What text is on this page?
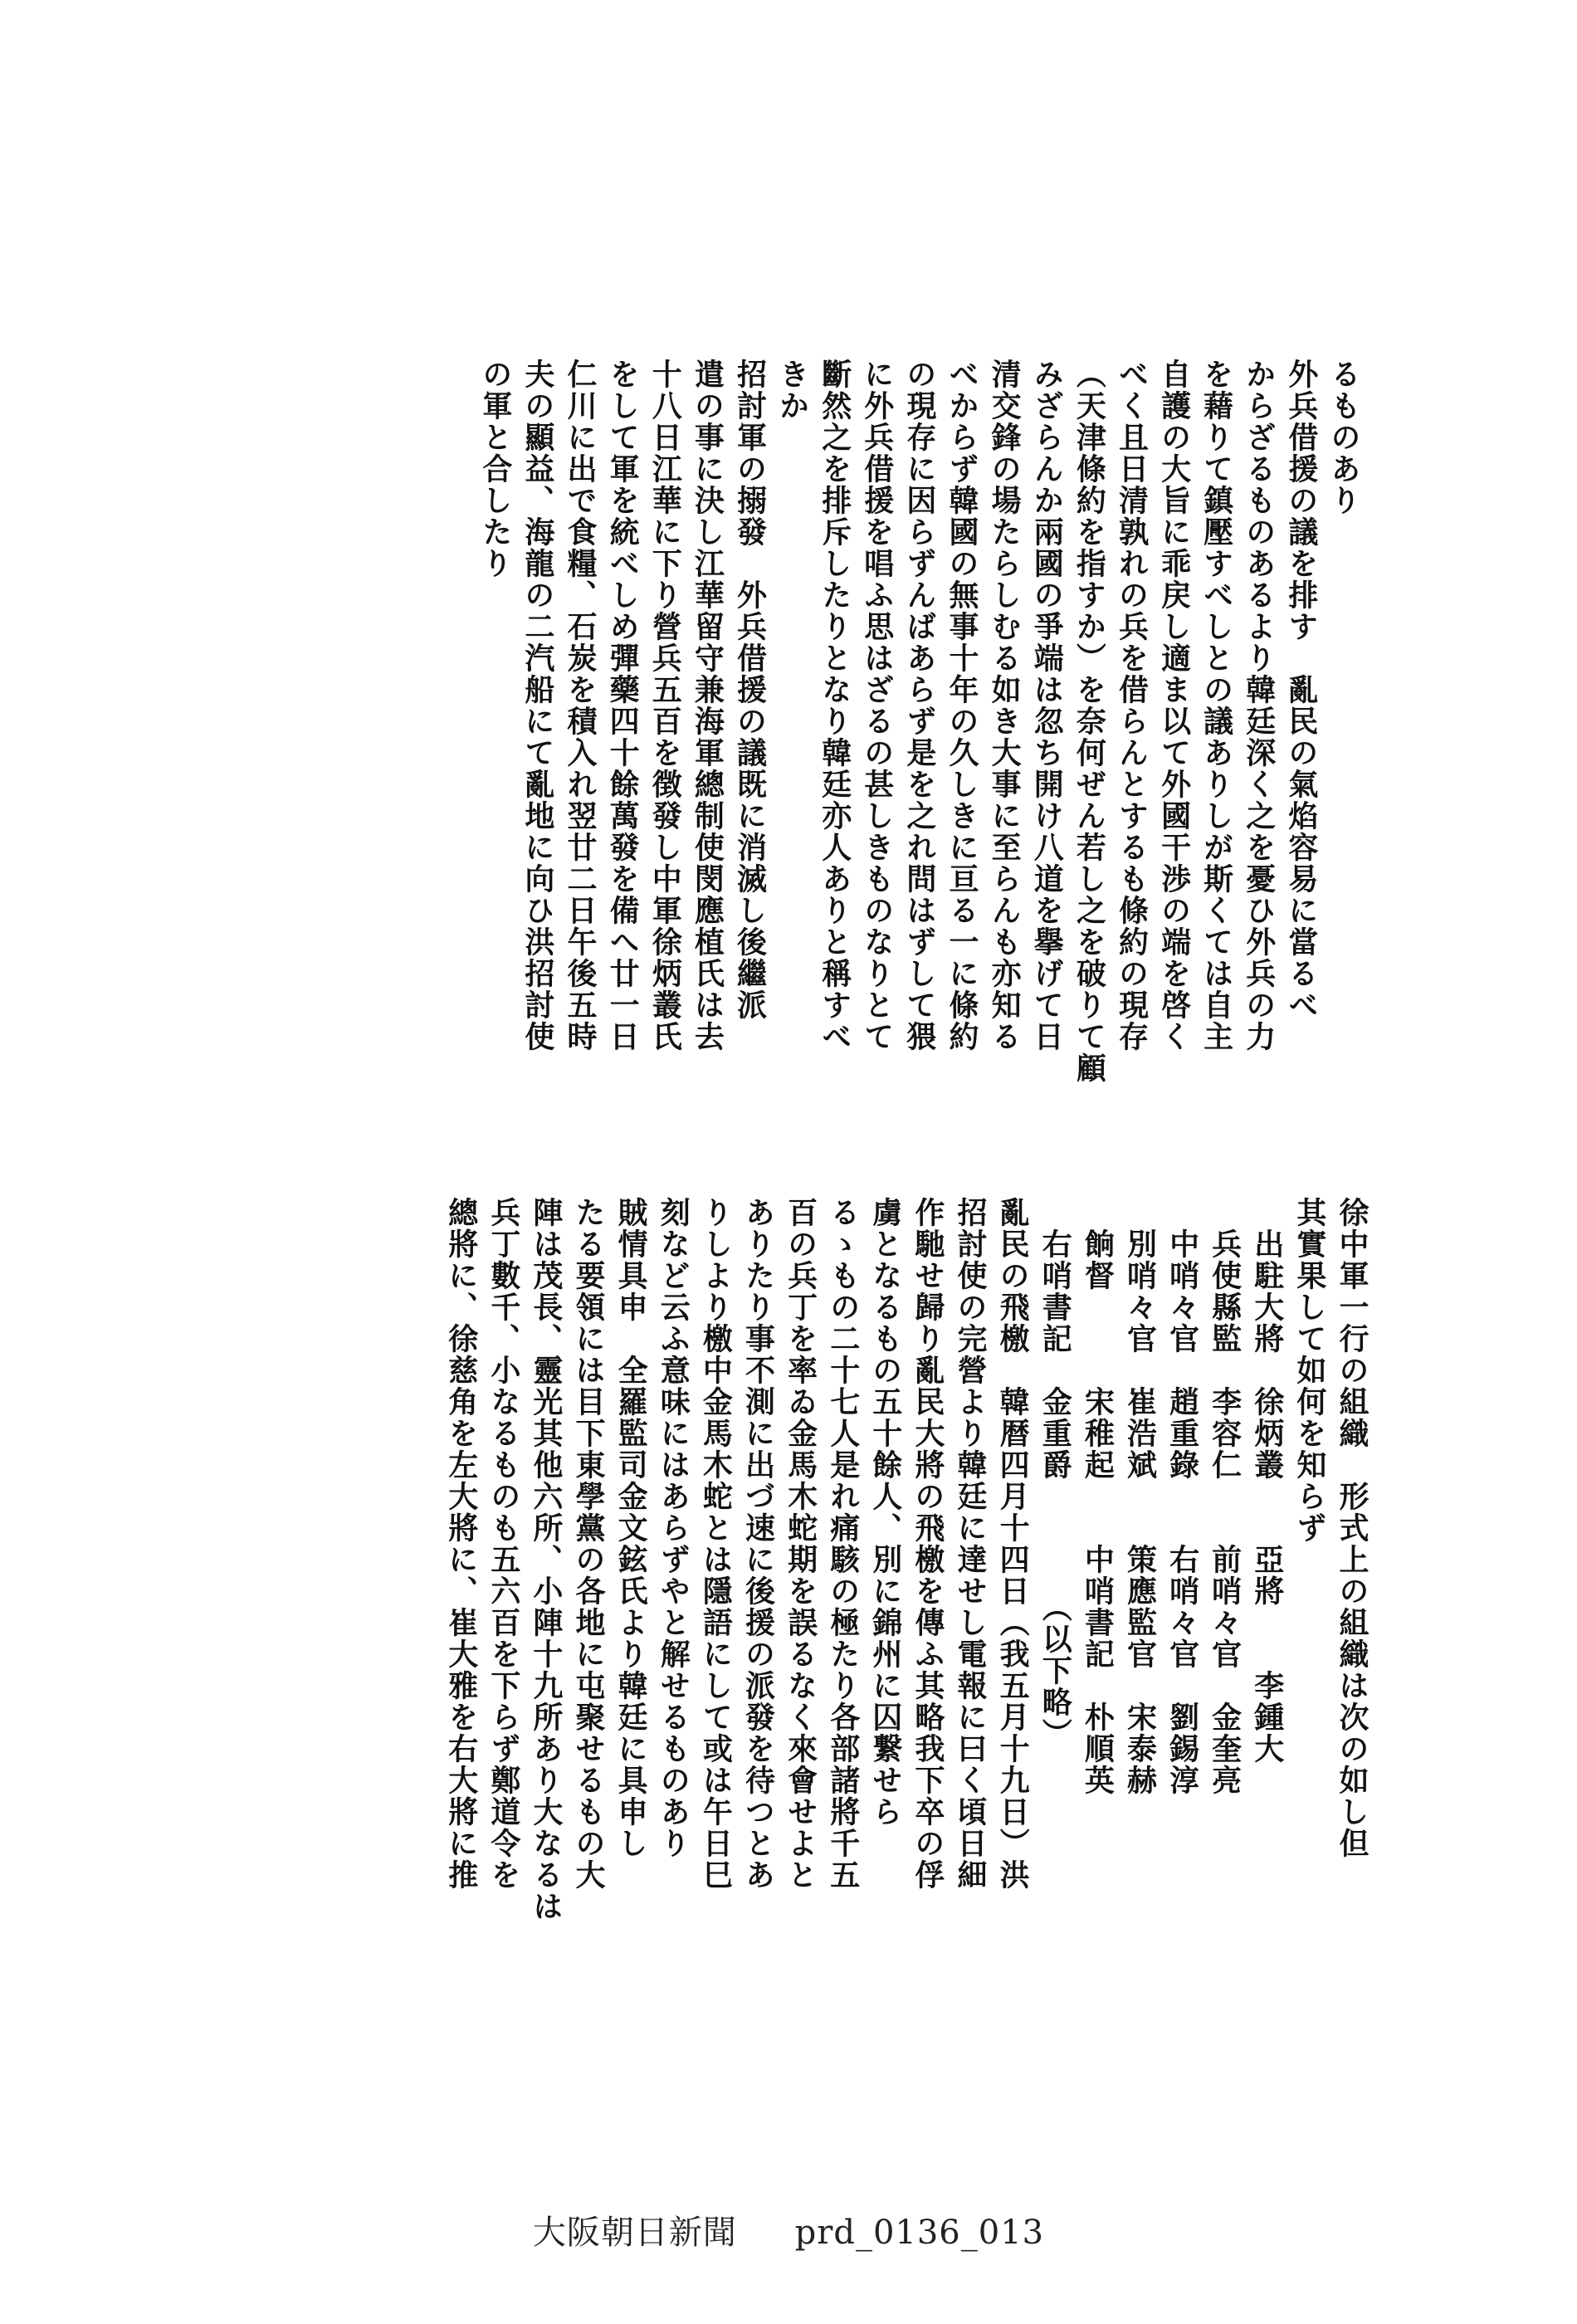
るものあり
外兵借援の議を排す　亂民の氣焰容易に當るべ
からざるものあるより韓廷深く之を憂ひ外兵の力
を藉りて鎮壓すべしとの議ありしが斯くては自主
自護の大旨に乖戻し適ま以て外國干渉の端を啓く
べく且日清孰れの兵を借らんとするも條約の現存
（天津條約を指すか）を奈何ぜん若し之を破りて顧
みざらんか兩國の爭端は忽ち開け八道を擧げて日
清交鋒の場たらしむる如き大事に至らんも亦知る
べからず韓國の無事十年の久しきに亘る一に條約
の現存に因らずんばあらず是を之れ問はずして猥
に外兵借援を唱ふ思はざるの甚しきものなりとて
斷然之を排斥したりとなり韓廷亦人ありと稱すべ
きか
招討軍の搦發　外兵借援の議既に消滅し後繼派
遣の事に決し江華留守兼海軍總制使閔應植氏は去
十八日江華に下り營兵五百を徴發し中軍徐炳叢氏
をして軍を統べしめ彈藥四十餘萬發を備へ廿一日
仁川に出で食糧、石炭を積入れ翌廿二日午後五時
夫の顯益、海龍の二汽船にて亂地に向ひ洪招討使
の軍と合したり
徐中軍一行の組織　形式上の組織は次の如し但
其實果して如何を知らず
　出駐大將　徐炳叢　　亞將　　李鍾大
　兵使縣監　李容仁　　前哨々官　金奎亮
　中哨々官　趙重錄　　右哨々官　劉錫淳
　別哨々官　崔浩斌　　策應監官　宋泰赫
　餉督　　　宋稚起　　中哨書記　朴順英
　右哨書記　金重爵　　　　（以下略）
亂民の飛檄　韓暦四月十四日（我五月十九日）洪
招討使の完營より韓廷に達せし電報に曰く頃日細
作馳せ歸り亂民大將の飛檄を傳ふ其略我下卒の俘
虜となるもの五十餘人、別に錦州に囚繋せら
るゝもの二十七人是れ痛駭の極たり各部諸將千五
百の兵丁を率ゐ金馬木蛇期を誤るなく來會せよと
ありたり事不測に出づ速に後援の派發を待つとあ
りしより檄中金馬木蛇とは隱語にして或は午日巳
刻など云ふ意味にはあらずやと解せるものあり
賊情具申　全羅監司金文鉉氏より韓廷に具申し
たる要領には目下東學黨の各地に屯聚せるもの大
陣は茂長、靈光其他六所、小陣十九所あり大なるは
兵丁數千、小なるものも五六百を下らず鄭道令を
總將に、徐慈角を左大將に、崔大雅を右大將に推
大阪朝日新聞 prd_0136_013
